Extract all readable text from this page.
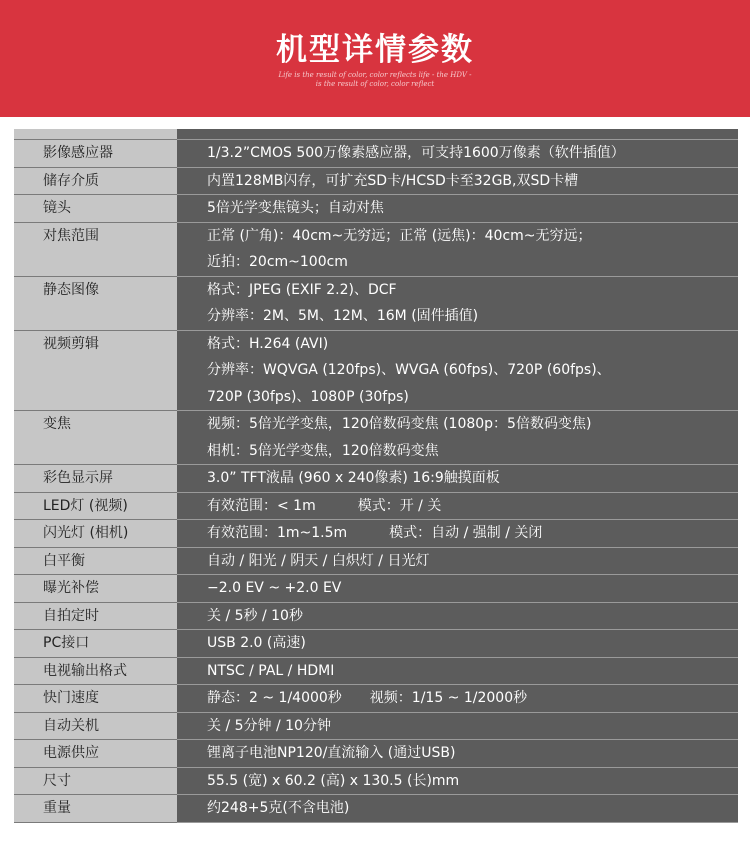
机型详情参数
Life is the result of color, color reflects life - the HDV -
is the result of color, color reflect
影像感应器	1/3.2”CMOS 500万像素感应器，可支持1600万像素（软件插值）
储存介质	内置128MB闪存，可扩充SD卡/HCSD卡至32GB,双SD卡槽
镜头	5倍光学变焦镜头；自动对焦
对焦范围	正常 (广角)：40cm~无穷远；正常 (远焦)：40cm~无穷远；
近拍：20cm~100cm
静态图像	格式：JPEG (EXIF 2.2)、DCF
分辨率：2M、5M、12M、16M (固件插值)
视频剪辑	格式：H.264 (AVI)
分辨率：WQVGA (120fps)、WVGA (60fps)、720P (60fps)、
720P (30fps)、1080P (30fps)
变焦	视频：5倍光学变焦，120倍数码变焦 (1080p：5倍数码变焦)
相机：5倍光学变焦，120倍数码变焦
彩色显示屏	3.0” TFT液晶 (960 x 240像素) 16:9触摸面板
LED灯 (视频)	有效范围：< 1m　　　模式：开 / 关
闪光灯 (相机)	有效范围：1m~1.5m　　　模式：自动 / 强制 / 关闭
白平衡	自动 / 阳光 / 阴天 / 白炽灯 / 日光灯
曝光补偿	−2.0 EV ~ +2.0 EV
自拍定时	关 / 5秒 / 10秒
PC接口	USB 2.0 (高速)
电视输出格式	NTSC / PAL / HDMI
快门速度	静态：2 ~ 1/4000秒　　视频：1/15 ~ 1/2000秒
自动关机	关 / 5分钟 / 10分钟
电源供应	锂离子电池NP120/直流输入 (通过USB)
尺寸	55.5 (宽) x 60.2 (高) x 130.5 (长)mm
重量	约248+5克(不含电池)
